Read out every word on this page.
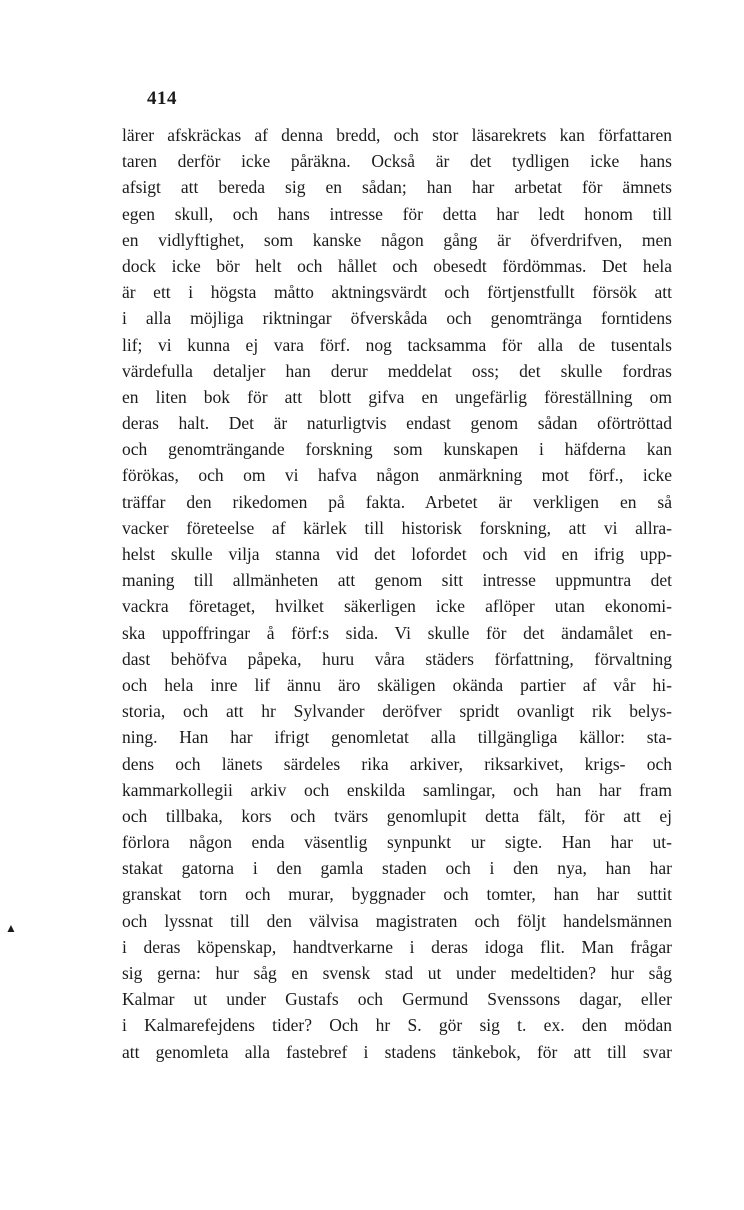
414
▲
lärer afskräckas af denna bredd, och stor läsarekrets kan författaren
taren derför icke påräkna. Också är det tydligen icke hans
afsigt att bereda sig en sådan; han har arbetat för ämnets
egen skull, och hans intresse för detta har ledt honom till
en vidlyftighet, som kanske någon gång är öfverdrifven, men
dock icke bör helt och hållet och obesedt fördömmas. Det hela
är ett i högsta måtto aktningsvärdt och förtjenstfullt försök att
i alla möjliga riktningar öfverskåda och genomtränga forntidens
lif; vi kunna ej vara förf. nog tacksamma för alla de tusentals
värdefulla detaljer han derur meddelat oss; det skulle fordras
en liten bok för att blott gifva en ungefärlig föreställning om
deras halt. Det är naturligtvis endast genom sådan oförtröttad
och genomträngande forskning som kunskapen i häfderna kan
förökas, och om vi hafva någon anmärkning mot förf., icke
träffar den rikedomen på fakta. Arbetet är verkligen en så
vacker företeelse af kärlek till historisk forskning, att vi allra-
helst skulle vilja stanna vid det lofordet och vid en ifrig upp-
maning till allmänheten att genom sitt intresse uppmuntra det
vackra företaget, hvilket säkerligen icke aflöper utan ekonomi-
ska uppoffringar å förf:s sida. Vi skulle för det ändamålet en-
dast behöfva påpeka, huru våra städers författning, förvaltning
och hela inre lif ännu äro skäligen okända partier af vår hi-
storia, och att hr Sylvander deröfver spridt ovanligt rik belys-
ning. Han har ifrigt genomletat alla tillgängliga källor: sta-
dens och länets särdeles rika arkiver, riksarkivet, krigs- och
kammarkollegii arkiv och enskilda samlingar, och han har fram
och tillbaka, kors och tvärs genomlupit detta fält, för att ej
förlora någon enda väsentlig synpunkt ur sigte. Han har ut-
stakat gatorna i den gamla staden och i den nya, han har
granskat torn och murar, byggnader och tomter, han har suttit
och lyssnat till den välvisa magistraten och följt handelsmännen
i deras köpenskap, handtverkarne i deras idoga flit. Man frågar
sig gerna: hur såg en svensk stad ut under medeltiden? hur såg
Kalmar ut under Gustafs och Germund Svenssons dagar, eller
i Kalmarefejdens tider? Och hr S. gör sig t. ex. den mödan
att genomleta alla fastebref i stadens tänkebok, för att till svar
